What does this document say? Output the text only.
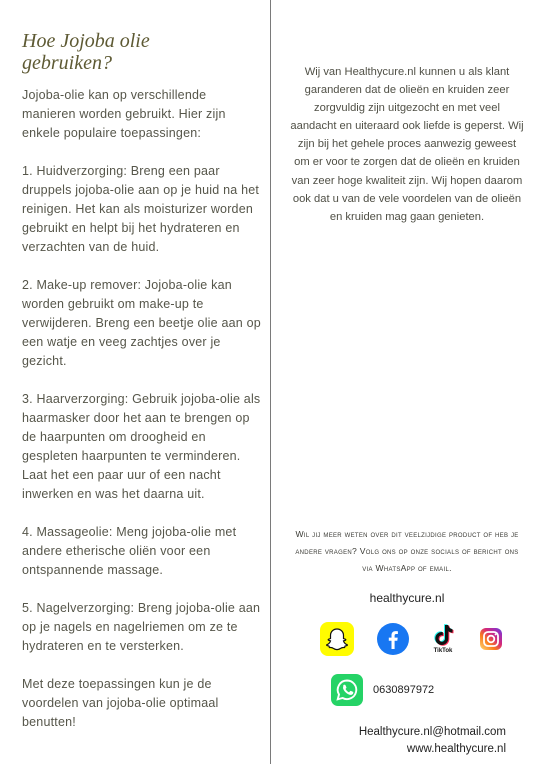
Hoe Jojoba olie
gebruiken?

Jojoba-olie kan op verschillende manieren worden gebruikt. Hier zijn enkele populaire toepassingen:

1. Huidverzorging: Breng een paar druppels jojoba-olie aan op je huid na het reinigen. Het kan als moisturizer worden gebruikt en helpt bij het hydrateren en verzachten van de huid.

2. Make-up remover: Jojoba-olie kan worden gebruikt om make-up te verwijderen. Breng een beetje olie aan op een watje en veeg zachtjes over je gezicht.

3. Haarverzorging: Gebruik jojoba-olie als haarmasker door het aan te brengen op de haarpunten om droogheid en gespleten haarpunten te verminderen. Laat het een paar uur of een nacht inwerken en was het daarna uit.

4. Massageolie: Meng jojoba-olie met andere etherische oliën voor een ontspannende massage.

5. Nagelverzorging: Breng jojoba-olie aan op je nagels en nagelriemen om ze te hydrateren en te versterken.

Met deze toepassingen kun je de voordelen van jojoba-olie optimaal benutten!

Wij van Healthycure.nl kunnen u als klant garanderen dat de olieën en kruiden zeer zorgvuldig zijn uitgezocht en met veel aandacht en uiteraard ook liefde is geperst. Wij zijn bij het gehele proces aanwezig geweest om er voor te zorgen dat de olieën en kruiden van zeer hoge kwaliteit zijn. Wij hopen daarom ook dat u van de vele voordelen van de olieën en kruiden mag gaan genieten.

Wil jij meer weten over dit veelzijdige product of heb je andere vragen? Volg ons op onze socials of bericht ons via WhatsApp of email.

healthycure.nl
TikTok
0630897972
Healthycure.nl@hotmail.com
www.healthycure.nl
